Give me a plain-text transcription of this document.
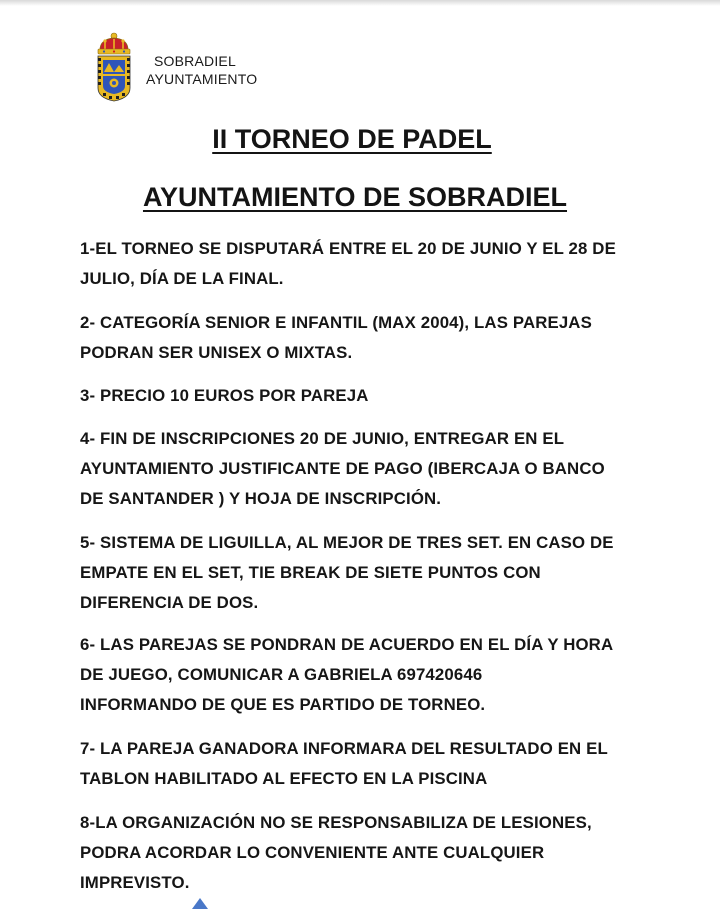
SOBRADIEL
AYUNTAMIENTO
II TORNEO DE PADEL
AYUNTAMIENTO DE SOBRADIEL
1-EL TORNEO SE DISPUTARÁ ENTRE EL 20 DE JUNIO Y EL 28 DE
JULIO, DÍA DE LA FINAL.
2- CATEGORÍA SENIOR E INFANTIL (MAX 2004), LAS PAREJAS
PODRAN SER UNISEX O MIXTAS.
3- PRECIO 10 EUROS POR PAREJA
4- FIN DE INSCRIPCIONES 20 DE JUNIO, ENTREGAR EN EL
AYUNTAMIENTO JUSTIFICANTE DE PAGO (IBERCAJA O BANCO
DE SANTANDER ) Y HOJA DE INSCRIPCIÓN.
5- SISTEMA DE LIGUILLA, AL MEJOR DE TRES SET. EN CASO DE
EMPATE EN EL SET, TIE BREAK DE SIETE PUNTOS CON
DIFERENCIA DE DOS.
6- LAS PAREJAS SE PONDRAN DE ACUERDO EN EL DÍA Y HORA
DE JUEGO, COMUNICAR A GABRIELA 697420646
INFORMANDO DE QUE ES PARTIDO DE TORNEO.
7- LA PAREJA GANADORA INFORMARA DEL RESULTADO EN EL
TABLON HABILITADO AL EFECTO EN LA PISCINA
8-LA ORGANIZACIÓN NO SE RESPONSABILIZA DE LESIONES,
PODRA ACORDAR LO CONVENIENTE ANTE CUALQUIER
IMPREVISTO.
